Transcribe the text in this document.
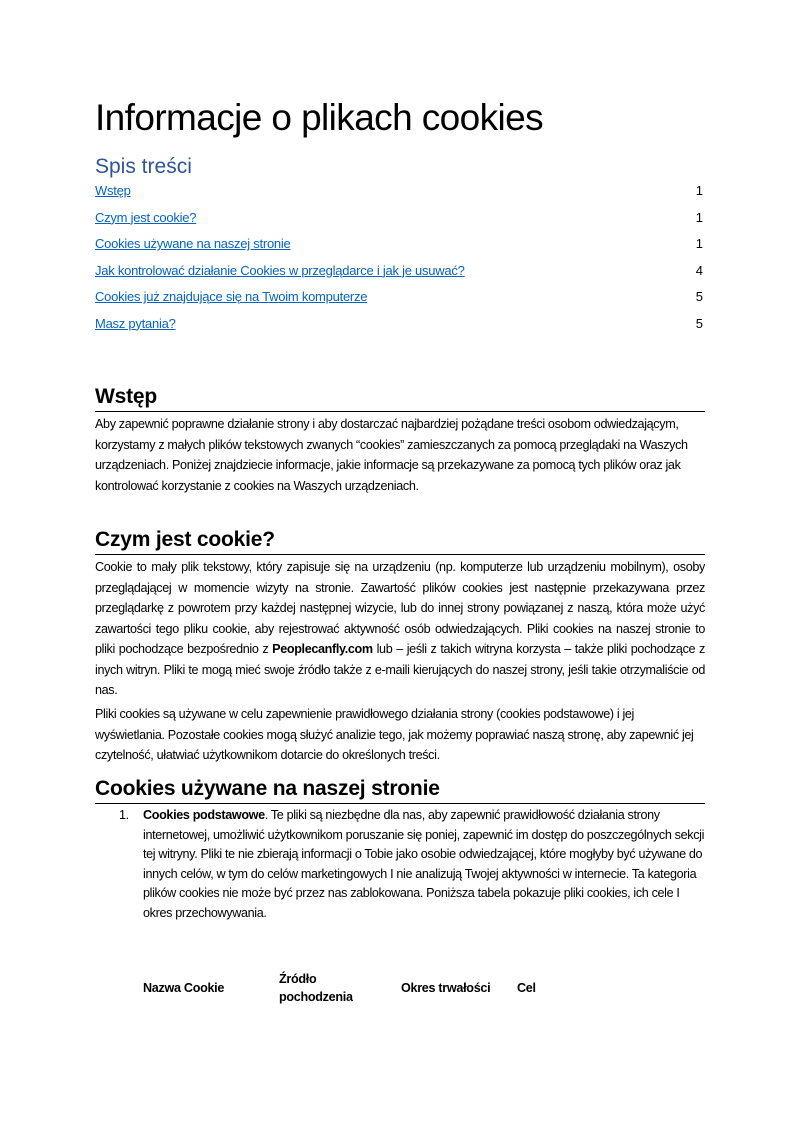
Informacje o plikach cookies
Spis treści
Wstęp	1
Czym jest cookie?	1
Cookies używane na naszej stronie	1
Jak kontrolować działanie Cookies w przeglądarce i jak je usuwać?	4
Cookies już znajdujące się na Twoim komputerze	5
Masz pytania?	5
Wstęp

Aby zapewnić poprawne działanie strony i aby dostarczać najbardziej pożądane treści osobom odwiedzającym, korzystamy z małych plików tekstowych zwanych “cookies” zamieszczanych za pomocą przeglądaki na Waszych urządzeniach. Poniżej znajdziecie informacje, jakie informacje są przekazywane za pomocą tych plików oraz jak kontrolować korzystanie z cookies na Waszych urządzeniach.

Czym jest cookie?

Cookie to mały plik tekstowy, który zapisuje się na urządzeniu (np. komputerze lub urządzeniu mobilnym), osoby przeglądającej w momencie wizyty na stronie. Zawartość plików cookies jest następnie przekazywana przez przeglądarkę z powrotem przy każdej następnej wizycie, lub do innej strony powiązanej z naszą, która może użyć zawartości tego pliku cookie, aby rejestrować aktywność osób odwiedzających. Pliki cookies na naszej stronie to pliki pochodzące bezpośrednio z Peoplecanfly.com lub – jeśli z takich witryna korzysta – także pliki pochodzące z inych witryn. Pliki te mogą mieć swoje źródło także z e-maili kierujących do naszej strony, jeśli takie otrzymaliście od nas.

Pliki cookies są używane w celu zapewnienie prawidłowego działania strony (cookies podstawowe) i jej wyświetlania. Pozostałe cookies mogą służyć analizie tego, jak możemy poprawiać naszą stronę, aby zapewnić jej czytelność, ułatwiać użytkownikom dotarcie do określonych treści.

Cookies używane na naszej stronie
1. Cookies podstawowe. Te pliki są niezbędne dla nas, aby zapewnić prawidłowość działania strony internetowej, umożliwić użytkownikom poruszanie się poniej, zapewnić im dostęp do poszczególnych sekcji tej witryny. Pliki te nie zbierają informacji o Tobie jako osobie odwiedzającej, które mogłyby być używane do innych celów, w tym do celów marketingowych I nie analizują Twojej aktywności w internecie. Ta kategoria plików cookies nie może być przez nas zablokowana. Poniższa tabela pokazuje pliki cookies, ich cele I okres przechowywania.
Nazwa Cookie	Źródło pochodzenia	Okres trwałości	Cel
